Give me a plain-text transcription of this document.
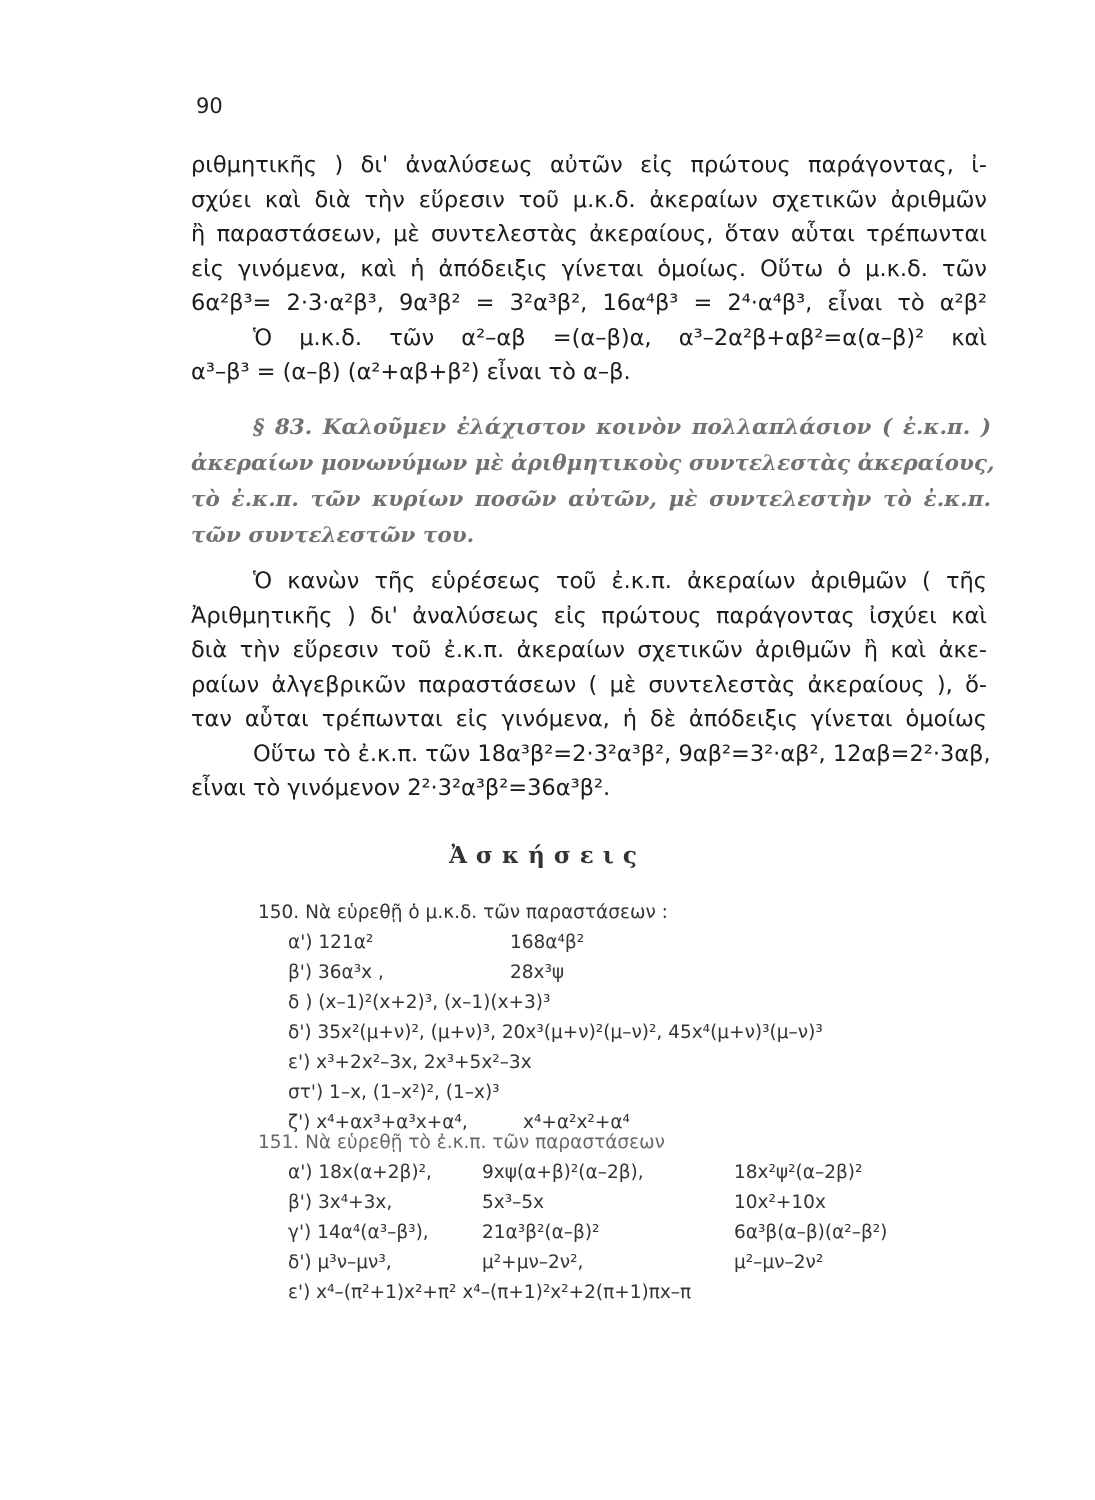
90
ριθμητικῆς ) δι' ἀναλύσεως αὐτῶν εἰς πρώτους παράγοντας, ἰ-
σχύει καὶ διὰ τὴν εὕρεσιν τοῦ μ.κ.δ. ἀκεραίων σχετικῶν ἀριθμῶν
ἢ παραστάσεων, μὲ συντελεστὰς ἀκεραίους, ὅταν αὗται τρέπωνται
εἰς γινόμενα, καὶ ἡ ἀπόδειξις γίνεται ὁμοίως. Οὕτω ὁ μ.κ.δ. τῶν
6α²β³= 2·3·α²β³, 9α³β² = 3²α³β², 16α⁴β³ = 2⁴·α⁴β³, εἶναι τὸ α²β²
Ὁ μ.κ.δ. τῶν α²–αβ =(α–β)α, α³–2α²β+αβ²=α(α–β)² καὶ
α³–β³ = (α–β) (α²+αβ+β²) εἶναι τὸ α–β.
§ 83. Καλοῦμεν ἐλάχιστον κοινὸν πολλαπλάσιον ( ἐ.κ.π. )
ἀκεραίων μονωνύμων μὲ ἀριθμητικοὺς συντελεστὰς ἀκεραίους,
τὸ ἐ.κ.π. τῶν κυρίων ποσῶν αὐτῶν, μὲ συντελεστὴν τὸ ἐ.κ.π.
τῶν συντελεστῶν του.
Ὁ κανὼν τῆς εὑρέσεως τοῦ ἐ.κ.π. ἀκεραίων ἀριθμῶν ( τῆς
Ἀριθμητικῆς ) δι' ἀναλύσεως εἰς πρώτους παράγοντας ἰσχύει καὶ
διὰ τὴν εὕρεσιν τοῦ ἐ.κ.π. ἀκεραίων σχετικῶν ἀριθμῶν ἢ καὶ ἀκε-
ραίων ἀλγεβρικῶν παραστάσεων ( μὲ συντελεστὰς ἀκεραίους ), ὅ-
ταν αὗται τρέπωνται εἰς γινόμενα, ἡ δὲ ἀπόδειξις γίνεται ὁμοίως
Οὕτω τὸ ἐ.κ.π. τῶν 18α³β²=2·3²α³β², 9αβ²=3²·αβ², 12αβ=2²·3αβ,
εἶναι τὸ γινόμενον 2²·3²α³β²=36α³β².
Ἀσκήσεις
150. Νὰ εὑρεθῇ ὁ μ.κ.δ. τῶν παραστάσεων :
α') 121α²	168α⁴β²
β') 36α³x ,	28x³ψ
δ ) (x–1)²(x+2)³, (x–1)(x+3)³
δ') 35x²(μ+ν)², (μ+ν)³, 20x³(μ+ν)²(μ–ν)², 45x⁴(μ+ν)³(μ–ν)³
ε') x³+2x²–3x, 2x³+5x²–3x
στ') 1–x, (1–x²)², (1–x)³
ζ') x⁴+αx³+α³x+α⁴,	x⁴+α²x²+α⁴
151. Νὰ εὑρεθῇ τὸ ἐ.κ.π. τῶν παραστάσεων
α') 18x(α+2β)²,	9xψ(α+β)²(α–2β),	18x²ψ²(α–2β)²
β') 3x⁴+3x,	5x³–5x	10x²+10x
γ') 14α⁴(α³–β³),	21α³β²(α–β)²	6α³β(α–β)(α²–β²)
δ') μ³ν–μν³,	μ²+μν–2ν²,	μ²–μν–2ν²
ε') x⁴–(π²+1)x²+π² x⁴–(π+1)²x²+2(π+1)πx–π
